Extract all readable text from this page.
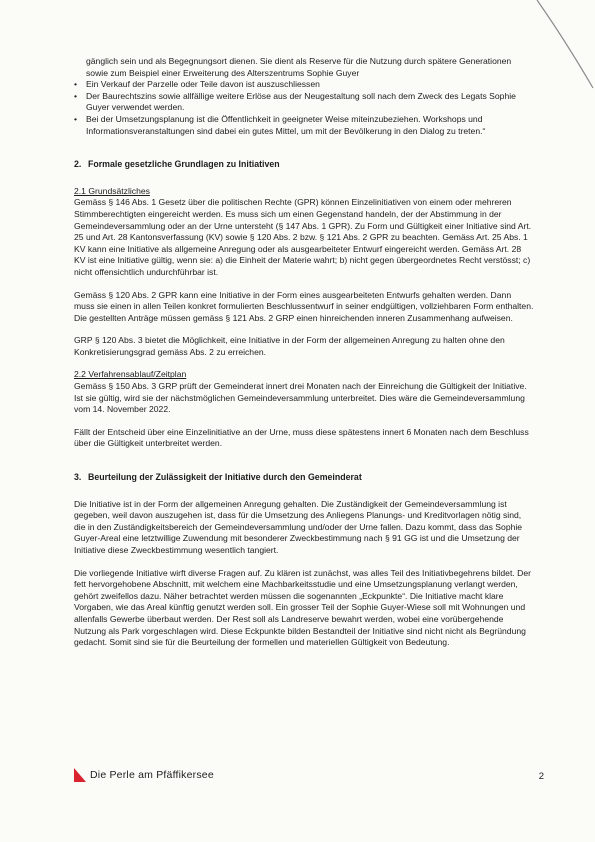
gänglich sein und als Begegnungsort dienen. Sie dient als Reserve für die Nutzung durch spätere Generationen sowie zum Beispiel einer Erweiterung des Alterszentrums Sophie Guyer

• Ein Verkauf der Parzelle oder Teile davon ist auszuschliessen
• Der Baurechtszins sowie allfällige weitere Erlöse aus der Neugestaltung soll nach dem Zweck des Legats Sophie Guyer verwendet werden.
• Bei der Umsetzungsplanung ist die Öffentlichkeit in geeigneter Weise miteinzubeziehen. Workshops und Informationsveranstaltungen sind dabei ein gutes Mittel, um mit der Bevölkerung in den Dialog zu treten.“
2. Formale gesetzliche Grundlagen zu Initiativen

2.1 Grundsätzliches

Gemäss § 146 Abs. 1 Gesetz über die politischen Rechte (GPR) können Einzelinitiativen von einem oder mehreren Stimmberechtigten eingereicht werden. Es muss sich um einen Gegenstand handeln, der der Abstimmung in der Gemeindeversammlung oder an der Urne untersteht (§ 147 Abs. 1 GPR). Zu Form und Gültigkeit einer Initiative sind Art. 25 und Art. 28 Kantonsverfassung (KV) sowie § 120 Abs. 2 bzw. § 121 Abs. 2 GPR zu beachten. Gemäss Art. 25 Abs. 1 KV kann eine Initiative als allgemeine Anregung oder als ausgearbeiteter Entwurf eingereicht werden. Gemäss Art. 28 KV ist eine Initiative gültig, wenn sie: a) die Einheit der Materie wahrt; b) nicht gegen übergeordnetes Recht verstösst; c) nicht offensichtlich undurchführbar ist.

Gemäss § 120 Abs. 2 GPR kann eine Initiative in der Form eines ausgearbeiteten Entwurfs gehalten werden. Dann muss sie einen in allen Teilen konkret formulierten Beschlussentwurf in seiner endgültigen, vollziehbaren Form enthalten. Die gestellten Anträge müssen gemäss § 121 Abs. 2 GRP einen hinreichenden inneren Zusammenhang aufweisen.

GRP § 120 Abs. 3 bietet die Möglichkeit, eine Initiative in der Form der allgemeinen Anregung zu halten ohne den Konkretisierungsgrad gemäss Abs. 2 zu erreichen.

2.2 Verfahrensablauf/Zeitplan

Gemäss § 150 Abs. 3 GRP prüft der Gemeinderat innert drei Monaten nach der Einreichung die Gültigkeit der Initiative. Ist sie gültig, wird sie der nächstmöglichen Gemeindeversammlung unterbreitet. Dies wäre die Gemeindeversammlung vom 14. November 2022.

Fällt der Entscheid über eine Einzelinitiative an der Urne, muss diese spätestens innert 6 Monaten nach dem Beschluss über die Gültigkeit unterbreitet werden.

3. Beurteilung der Zulässigkeit der Initiative durch den Gemeinderat

Die Initiative ist in der Form der allgemeinen Anregung gehalten. Die Zuständigkeit der Gemeindeversammlung ist gegeben, weil davon auszugehen ist, dass für die Umsetzung des Anliegens Planungs- und Kreditvorlagen nötig sind, die in den Zuständigkeitsbereich der Gemeindeversammlung und/oder der Urne fallen. Dazu kommt, dass das Sophie Guyer-Areal eine letztwillige Zuwendung mit besonderer Zweckbestimmung nach § 91 GG ist und die Umsetzung der Initiative diese Zweckbestimmung wesentlich tangiert.

Die vorliegende Initiative wirft diverse Fragen auf. Zu klären ist zunächst, was alles Teil des Initiativbegehrens bildet. Der fett hervorgehobene Abschnitt, mit welchem eine Machbarkeitsstudie und eine Umsetzungsplanung verlangt werden, gehört zweifellos dazu. Näher betrachtet werden müssen die sogenannten „Eckpunkte“. Die Initiative macht klare Vorgaben, wie das Areal künftig genutzt werden soll. Ein grosser Teil der Sophie Guyer-Wiese soll mit Wohnungen und allenfalls Gewerbe überbaut werden. Der Rest soll als Landreserve bewahrt werden, wobei eine vorübergehende Nutzung als Park vorgeschlagen wird. Diese Eckpunkte bilden Bestandteil der Initiative sind nicht nicht als Begründung gedacht. Somit sind sie für die Beurteilung der formellen und materiellen Gültigkeit von Bedeutung.

Die Perle am Pfäffikersee	2
